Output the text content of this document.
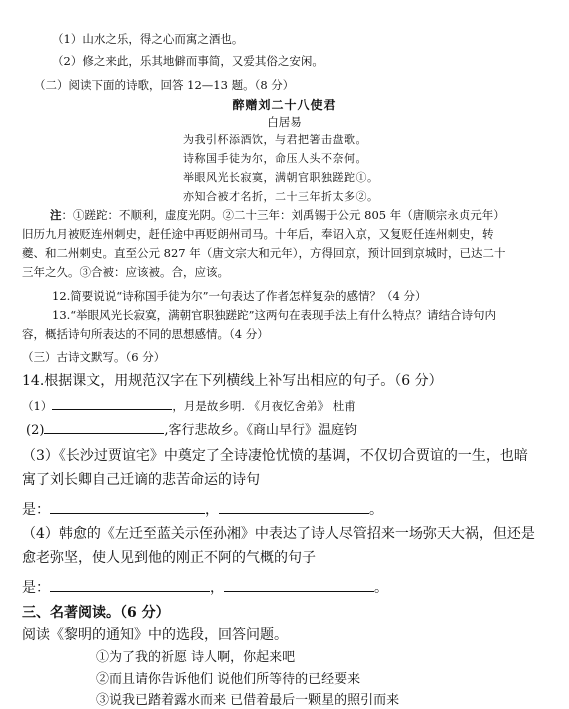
（1）山水之乐，得之心而寓之酒也。
（2）修之来此，乐其地僻而事简，又爱其俗之安闲。
（二）阅读下面的诗歌，回答 12—13 题。（8 分）
醉赠刘二十八使君
白居易
为我引杯添酒饮，与君把箸击盘歌。
诗称国手徒为尔，命压人头不奈何。
举眼风光长寂寞，满朝官职独蹉跎①。
亦知合被才名折，二十三年折太多②。
注：①蹉跎：不顺利，虚度光阴。②二十三年：刘禹锡于公元 805 年（唐顺宗永贞元年）
旧历九月被贬连州刺史，赶任途中再贬朗州司马。十年后，奉诏入京，又复贬任连州刺史，转
夔、和二州刺史。直至公元 827 年（唐文宗大和元年），方得回京，预计回到京城时，已达二十
三年之久。③合被：应该被。合，应该。
12.简要说说“诗称国手徒为尔”一句表达了作者怎样复杂的感情？（4 分）
13.“举眼风光长寂寞，满朝官职独蹉跎”这两句在表现手法上有什么特点？请结合诗句内
容，概括诗句所表达的不同的思想感情。（4 分）
（三）古诗文默写。（6 分）
14.根据课文，用规范汉字在下列横线上补写出相应的句子。（6 分）
（1）	，月是故乡明. 《月夜忆舍弟》 杜甫
(2)	,客行悲故乡。《商山早行》温庭钧
（3）《长沙过贾谊宅》中奠定了全诗凄怆忧愤的基调，不仅切合贾谊的一生，也暗
寓了刘长卿自己迁谪的悲苦命运的诗句
是：	，	。
（4）韩愈的《左迁至蓝关示侄孙湘》中表达了诗人尽管招来一场弥天大祸，但还是
愈老弥坚，使人见到他的刚正不阿的气概的句子
是：	，	。
三、名著阅读。（6 分）
阅读《黎明的通知》中的选段，回答问题。
①为了我的祈愿 诗人啊，你起来吧
②而且请你告诉他们 说他们所等待的已经要来
③说我已踏着露水而来 已借着最后一颗星的照引而来
